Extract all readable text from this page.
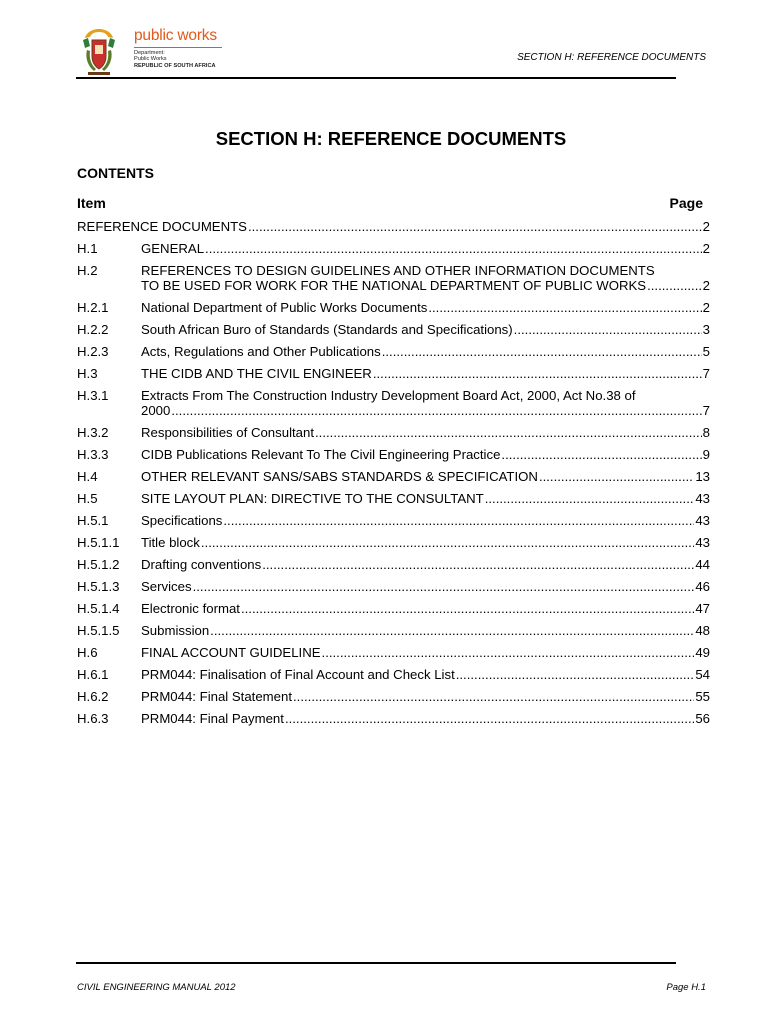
public works
Department:
Public Works
REPUBLIC OF SOUTH AFRICA
SECTION H: REFERENCE DOCUMENTS
SECTION H: REFERENCE DOCUMENTS
CONTENTS
Item	Page
REFERENCE DOCUMENTS .....	2
H.1	GENERAL .....	2
H.2	REFERENCES TO DESIGN GUIDELINES AND OTHER INFORMATION DOCUMENTS
TO BE USED FOR WORK FOR THE NATIONAL DEPARTMENT OF PUBLIC WORKS .....	2
H.2.1	National Department of Public Works Documents .....	2
H.2.2	South African Buro of Standards (Standards and Specifications) .....	3
H.2.3	Acts, Regulations and Other Publications .....	5
H.3	THE CIDB AND THE CIVIL ENGINEER .....	7
H.3.1	Extracts From The Construction Industry Development Board Act, 2000, Act No.38 of
2000 .....	7
H.3.2	Responsibilities of Consultant .....	8
H.3.3	CIDB Publications Relevant To The Civil Engineering Practice .....	9
H.4	OTHER RELEVANT SANS/SABS STANDARDS & SPECIFICATION .....	13
H.5	SITE LAYOUT PLAN: DIRECTIVE TO THE CONSULTANT .....	43
H.5.1	Specifications .....	43
H.5.1.1	Title block .....	43
H.5.1.2	Drafting conventions .....	44
H.5.1.3	Services .....	46
H.5.1.4	Electronic format .....	47
H.5.1.5	Submission .....	48
H.6	FINAL ACCOUNT GUIDELINE .....	49
H.6.1	PRM044: Finalisation of Final Account and Check List .....	54
H.6.2	PRM044: Final Statement .....	55
H.6.3	PRM044: Final Payment .....	56
CIVIL ENGINEERING MANUAL 2012	Page H.1
